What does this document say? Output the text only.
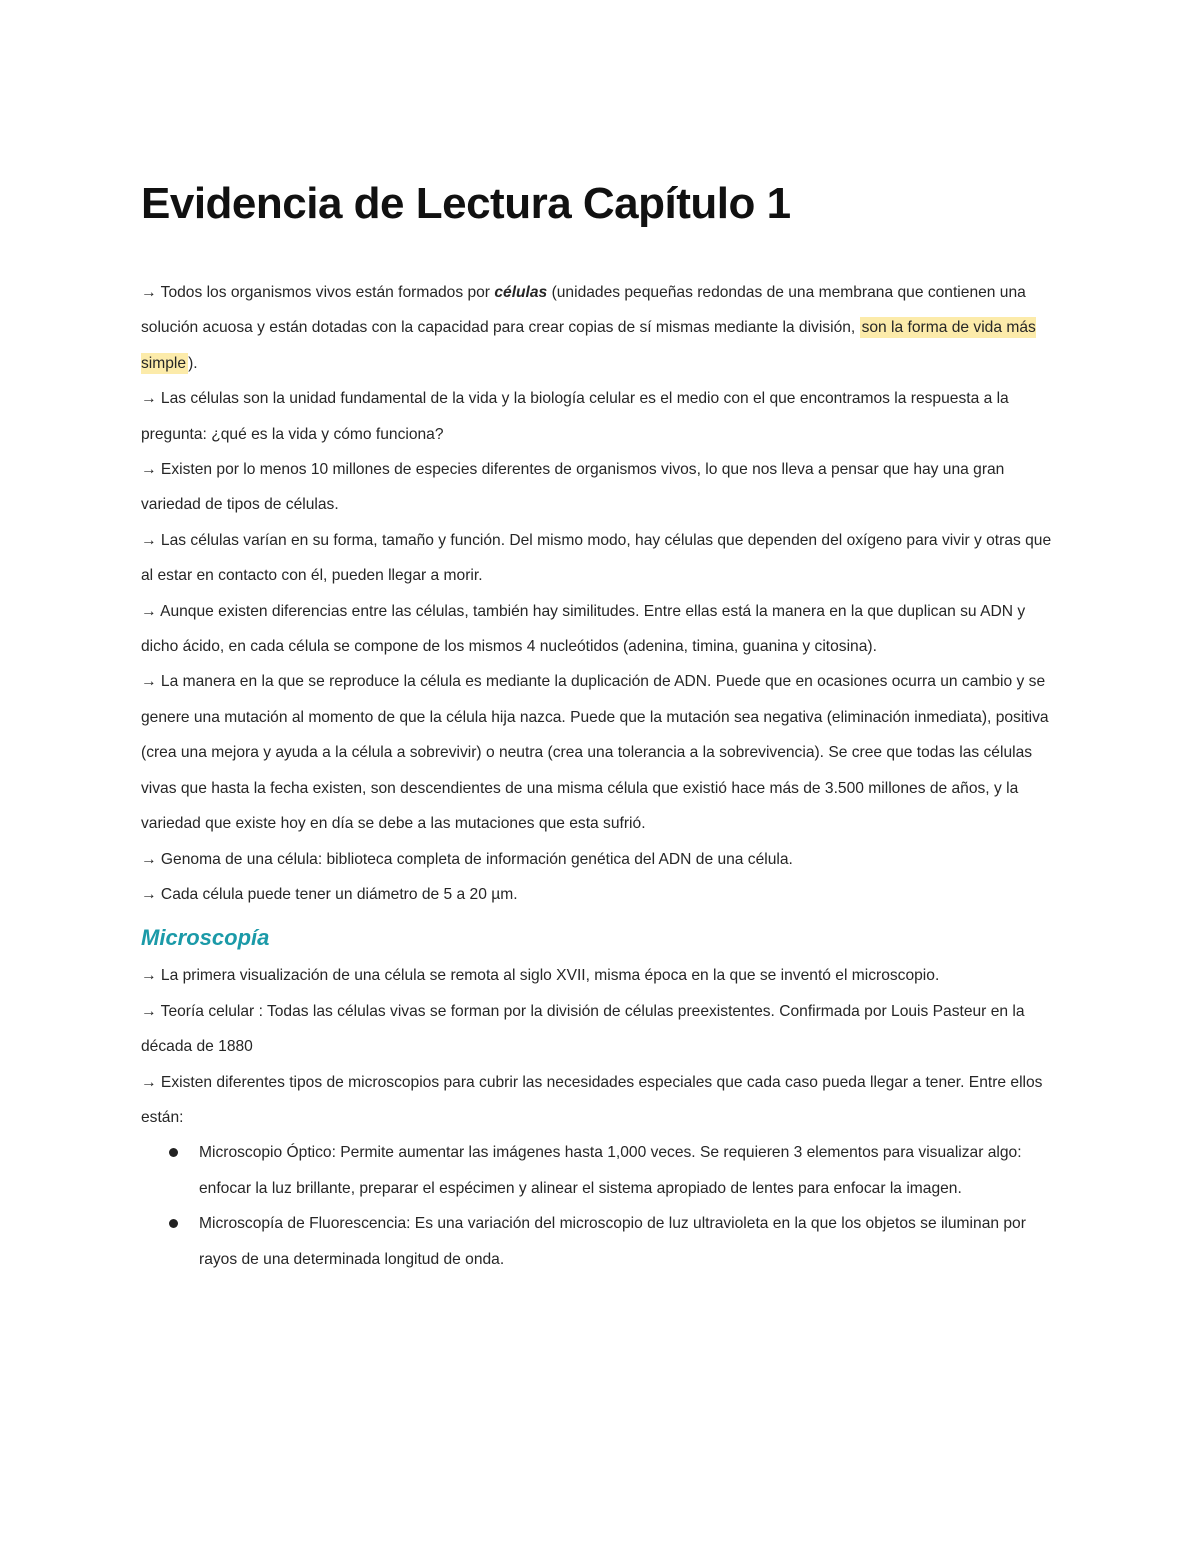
Evidencia de Lectura Capítulo 1

→ Todos los organismos vivos están formados por células (unidades pequeñas redondas de una membrana que contienen una solución acuosa y están dotadas con la capacidad para crear copias de sí mismas mediante la división, son la forma de vida más simple ).

→ Las células son la unidad fundamental de la vida y la biología celular es el medio con el que encontramos la respuesta a la pregunta: ¿qué es la vida y cómo funciona?

→ Existen por lo menos 10 millones de especies diferentes de organismos vivos, lo que nos lleva a pensar que hay una gran variedad de tipos de células.

→ Las células varían en su forma, tamaño y función. Del mismo modo, hay células que dependen del oxígeno para vivir y otras que al estar en contacto con él, pueden llegar a morir.

→ Aunque existen diferencias entre las células, también hay similitudes. Entre ellas está la manera en la que duplican su ADN y dicho ácido, en cada célula se compone de los mismos 4 nucleótidos (adenina, timina, guanina y citosina).

→ La manera en la que se reproduce la célula es mediante la duplicación de ADN. Puede que en ocasiones ocurra un cambio y se genere una mutación al momento de que la célula hija nazca. Puede que la mutación sea negativa (eliminación inmediata), positiva (crea una mejora y ayuda a la célula a sobrevivir) o neutra (crea una tolerancia a la sobrevivencia). Se cree que todas las células vivas que hasta la fecha existen, son descendientes de una misma célula que existió hace más de 3.500 millones de años, y la variedad que existe hoy en día se debe a las mutaciones que esta sufrió.

→ Genoma de una célula: biblioteca completa de información genética del ADN de una célula.

→ Cada célula puede tener un diámetro de 5 a 20 µm.

Microscopía

→ La primera visualización de una célula se remota al siglo XVII, misma época en la que se inventó el microscopio.

→ Teoría celular : Todas las células vivas se forman por la división de células preexistentes. Confirmada por Louis Pasteur en la década de 1880

→ Existen diferentes tipos de microscopios para cubrir las necesidades especiales que cada caso pueda llegar a tener. Entre ellos están:

Microscopio Óptico: Permite aumentar las imágenes hasta 1,000 veces. Se requieren 3 elementos para visualizar algo: enfocar la luz brillante, preparar el espécimen y alinear el sistema apropiado de lentes para enfocar la imagen.
Microscopía de Fluorescencia: Es una variación del microscopio de luz ultravioleta en la que los objetos se iluminan por rayos de una determinada longitud de onda.
